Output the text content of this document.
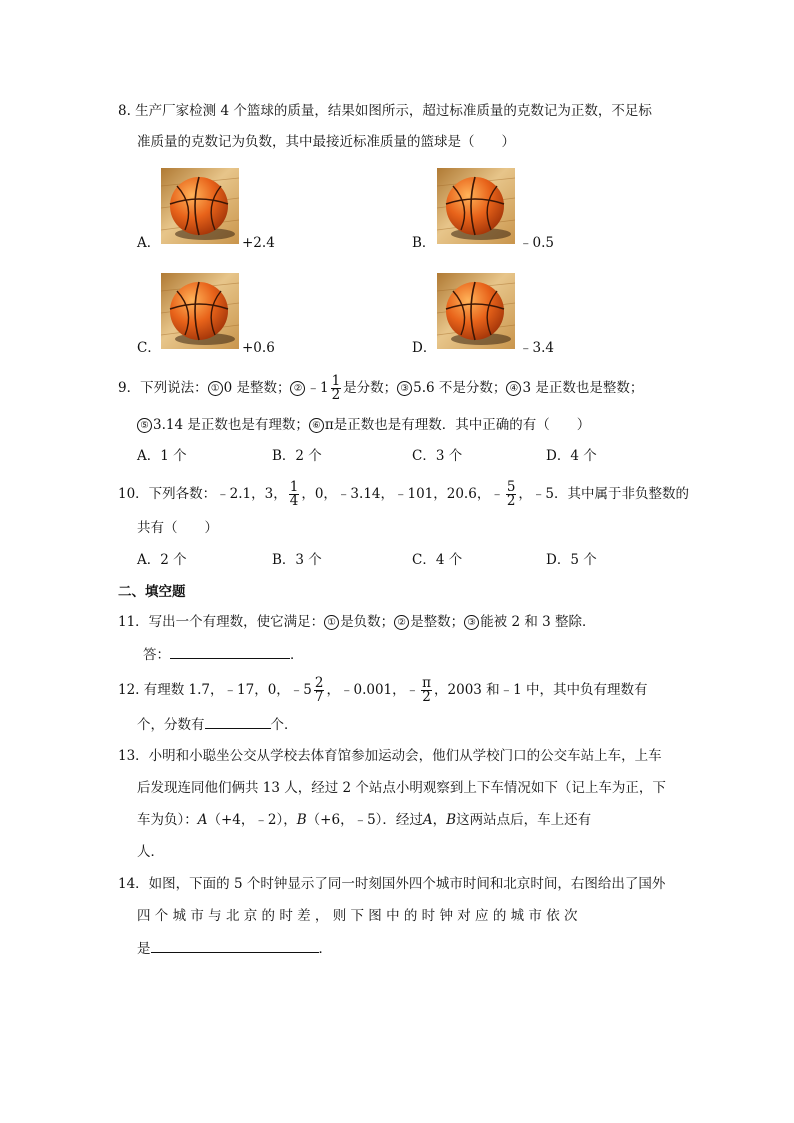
8. 生产厂家检测 4 个篮球的质量，结果如图所示，超过标准质量的克数记为正数，不足标
准质量的克数记为负数，其中最接近标准质量的篮球是（　　）
A．	+2.4	B．	﹣0.5
C．	+0.6	D．	﹣3.4
9．下列说法： ① 0 是整数； ② ﹣1 $\frac{1}{2}$ 是分数； ③ 5.6 不是分数； ④ 3 是正数也是整数；
⑤ 3.14 是正数也是有理数； ⑥ π是正数也是有理数．其中正确的有（　　）
A．1 个	B．2 个	C．3 个	D．4 个
10．下列各数：﹣2.1，3， $\frac{1}{4}$ ，0，﹣3.14，﹣101，20.6，﹣ $\frac{5}{2}$ ，﹣5．其中属于非负整数的
共有（　　）
A．2 个	B．3 个	C．4 个	D．5 个
二、填空题
11．写出一个有理数，使它满足： ① 是负数； ② 是整数； ③ 能被 2 和 3 整除．
答：	．
12. 有理数 1.7，﹣17，0，﹣5 $\frac{2}{7}$ ，﹣0.001，﹣ $\frac{\pi}{2}$ ，2003 和﹣1 中，其中负有理数有
个，分数有	个．
13．小明和小聪坐公交从学校去体育馆参加运动会，他们从学校门口的公交车站上车，上车
后发现连同他们俩共 13 人，经过 2 个站点小明观察到上下车情况如下（记上车为正，下
车为负）：A（+4，﹣2），B（+6，﹣5）．经过A，B这两站点后，车上还有
人．
14．如图，下面的 5 个时钟显示了同一时刻国外四个城市时间和北京时间，右图给出了国外
四 个 城 市 与 北 京 的 时 差 ， 则 下 图 中 的 时 钟 对 应 的 城 市 依 次
是	．
